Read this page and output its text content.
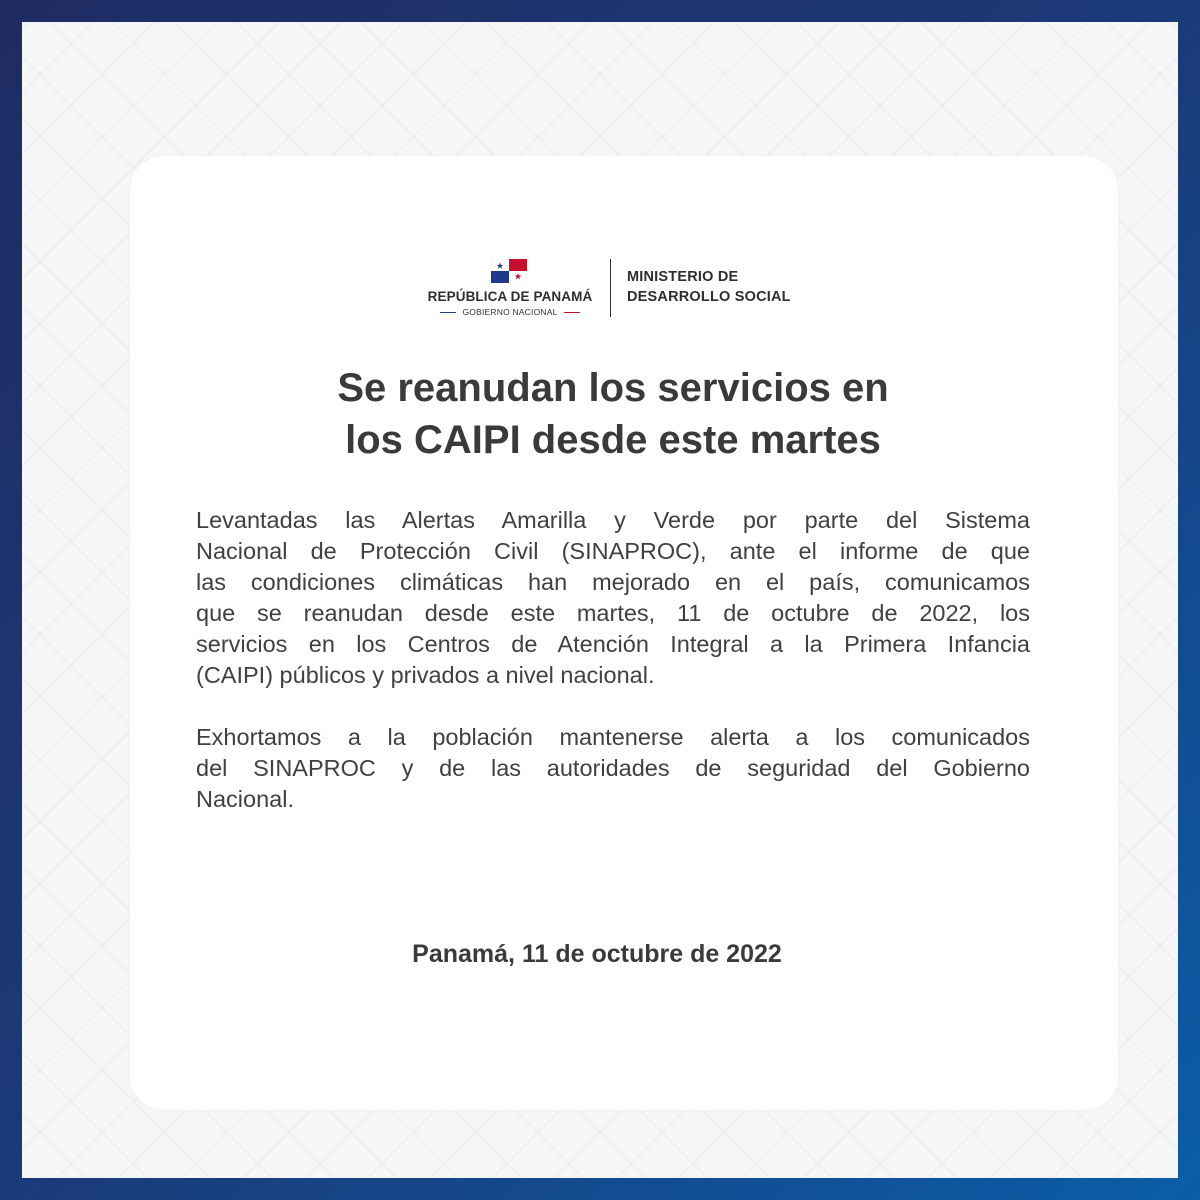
REPÚBLICA DE PANAMÁ
GOBIERNO NACIONAL
MINISTERIO DE
DESARROLLO SOCIAL
Se reanudan los servicios en
los CAIPI desde este martes
Levantadas las Alertas Amarilla y Verde por parte del Sistema
Nacional de Protección Civil (SINAPROC), ante el informe de que
las condiciones climáticas han mejorado en el país, comunicamos
que se reanudan desde este martes, 11 de octubre de 2022, los
servicios en los Centros de Atención Integral a la Primera Infancia
(CAIPI) públicos y privados a nivel nacional.
Exhortamos a la población mantenerse alerta a los comunicados
del SINAPROC y de las autoridades de seguridad del Gobierno
Nacional.
Panamá, 11 de octubre de 2022
